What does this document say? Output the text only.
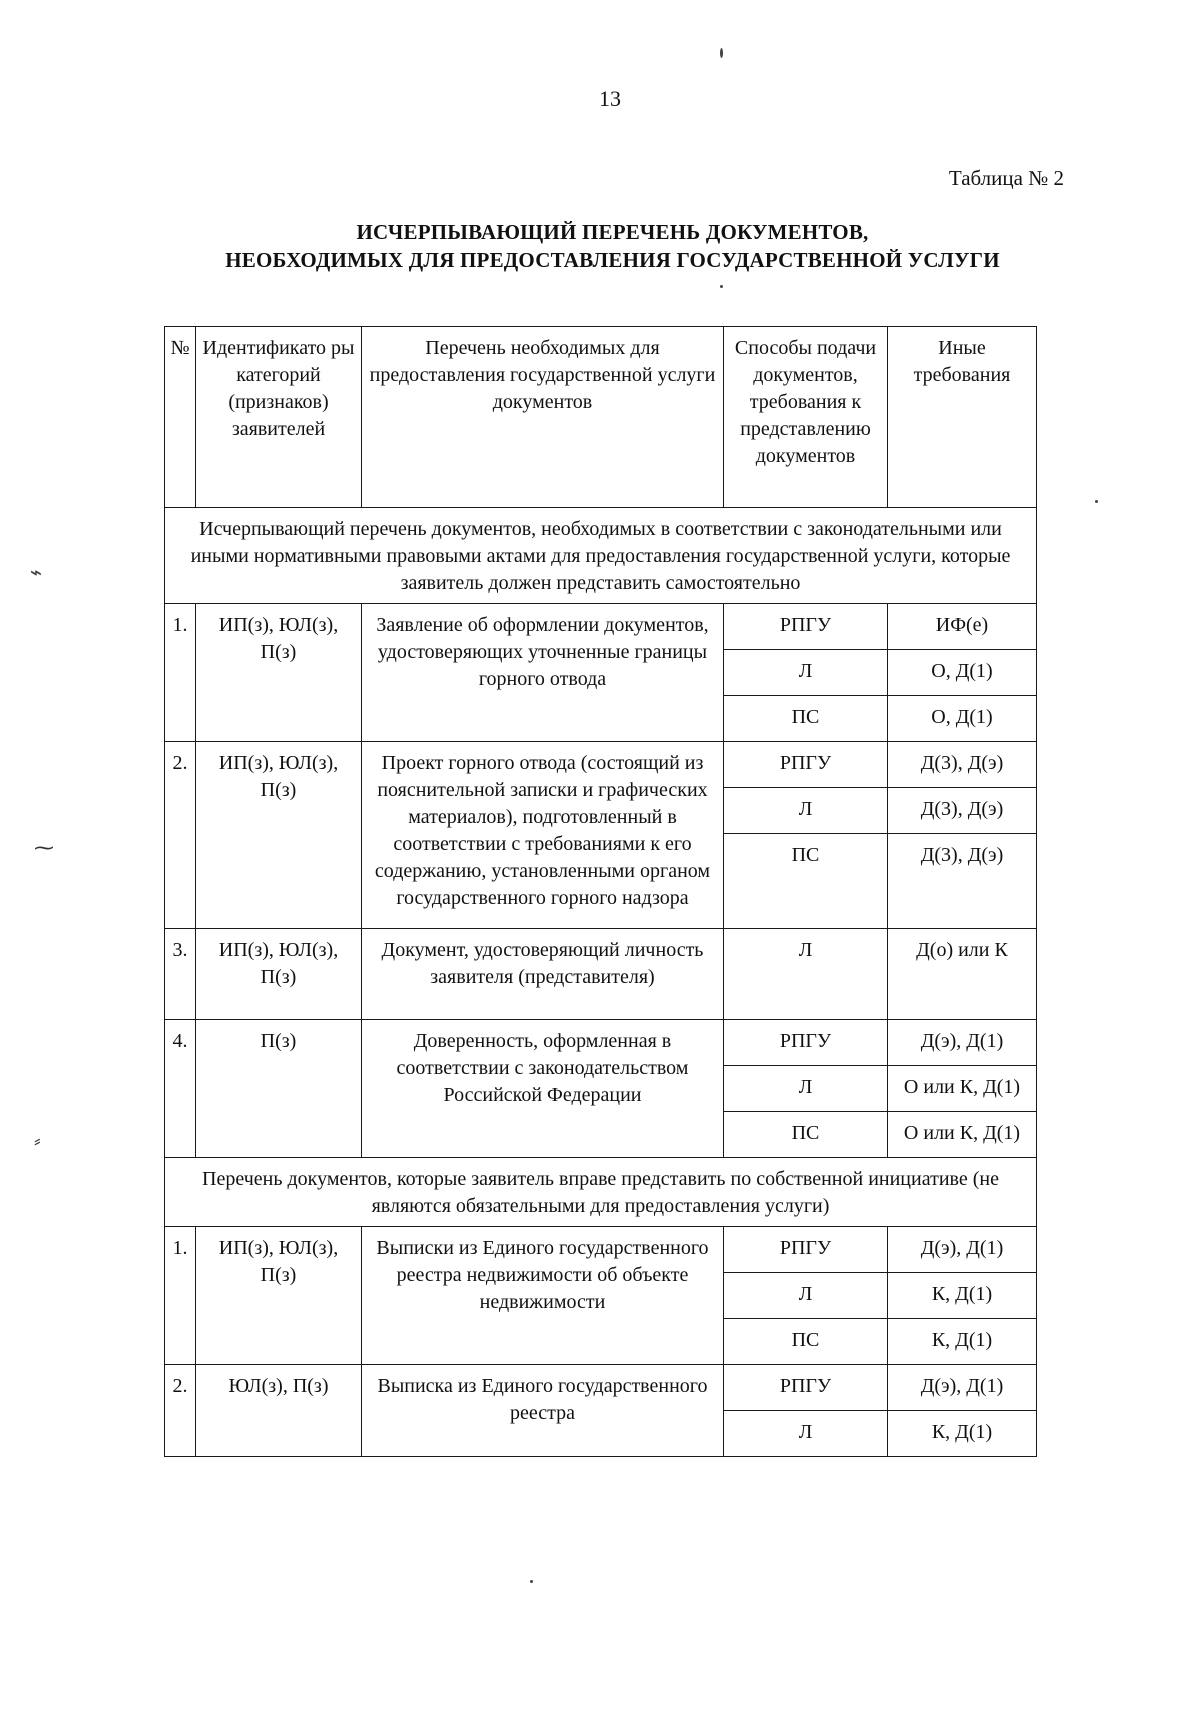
13
Таблица № 2
ИСЧЕРПЫВАЮЩИЙ ПЕРЕЧЕНЬ ДОКУМЕНТОВ,
НЕОБХОДИМЫХ ДЛЯ ПРЕДОСТАВЛЕНИЯ ГОСУДАРСТВЕННОЙ УСЛУГИ
№	Идентификато ры категорий (признаков) заявителей	Перечень необходимых для предоставления государственной услуги документов	Способы подачи документов, требования к представлению документов	Иные требования
Исчерпывающий перечень документов, необходимых в соответствии с законодательными или иными нормативными правовыми актами для предоставления государственной услуги, которые заявитель должен представить самостоятельно				
1.	ИП(з), ЮЛ(з), П(з)	Заявление об оформлении документов, удостоверяющих уточненные границы горного отвода	РПГУ	ИФ(е)
			Л	О, Д(1)
			ПС	О, Д(1)
2.	ИП(з), ЮЛ(з), П(з)	Проект горного отвода (состоящий из пояснительной записки и графических материалов), подготовленный в соответствии с требованиями к его содержанию, установленными органом государственного горного надзора	РПГУ	Д(3), Д(э)
			Л	Д(3), Д(э)
			ПС	Д(3), Д(э)
3.	ИП(з), ЮЛ(з), П(з)	Документ, удостоверяющий личность заявителя (представителя)	Л	Д(о) или К
4.	П(з)	Доверенность, оформленная в соответствии с законодательством Российской Федерации	РПГУ	Д(э), Д(1)
			Л	О или К, Д(1)
			ПС	О или К, Д(1)
Перечень документов, которые заявитель вправе представить по собственной инициативе (не являются обязательными для предоставления услуги)				
1.	ИП(з), ЮЛ(з), П(з)	Выписки из Единого государственного реестра недвижимости об объекте недвижимости	РПГУ	Д(э), Д(1)
			Л	К, Д(1)
			ПС	К, Д(1)
2.	ЮЛ(з), П(з)	Выписка из Единого государственного реестра	РПГУ	Д(э), Д(1)
			Л	К, Д(1)
⌁
⁓
⸗
